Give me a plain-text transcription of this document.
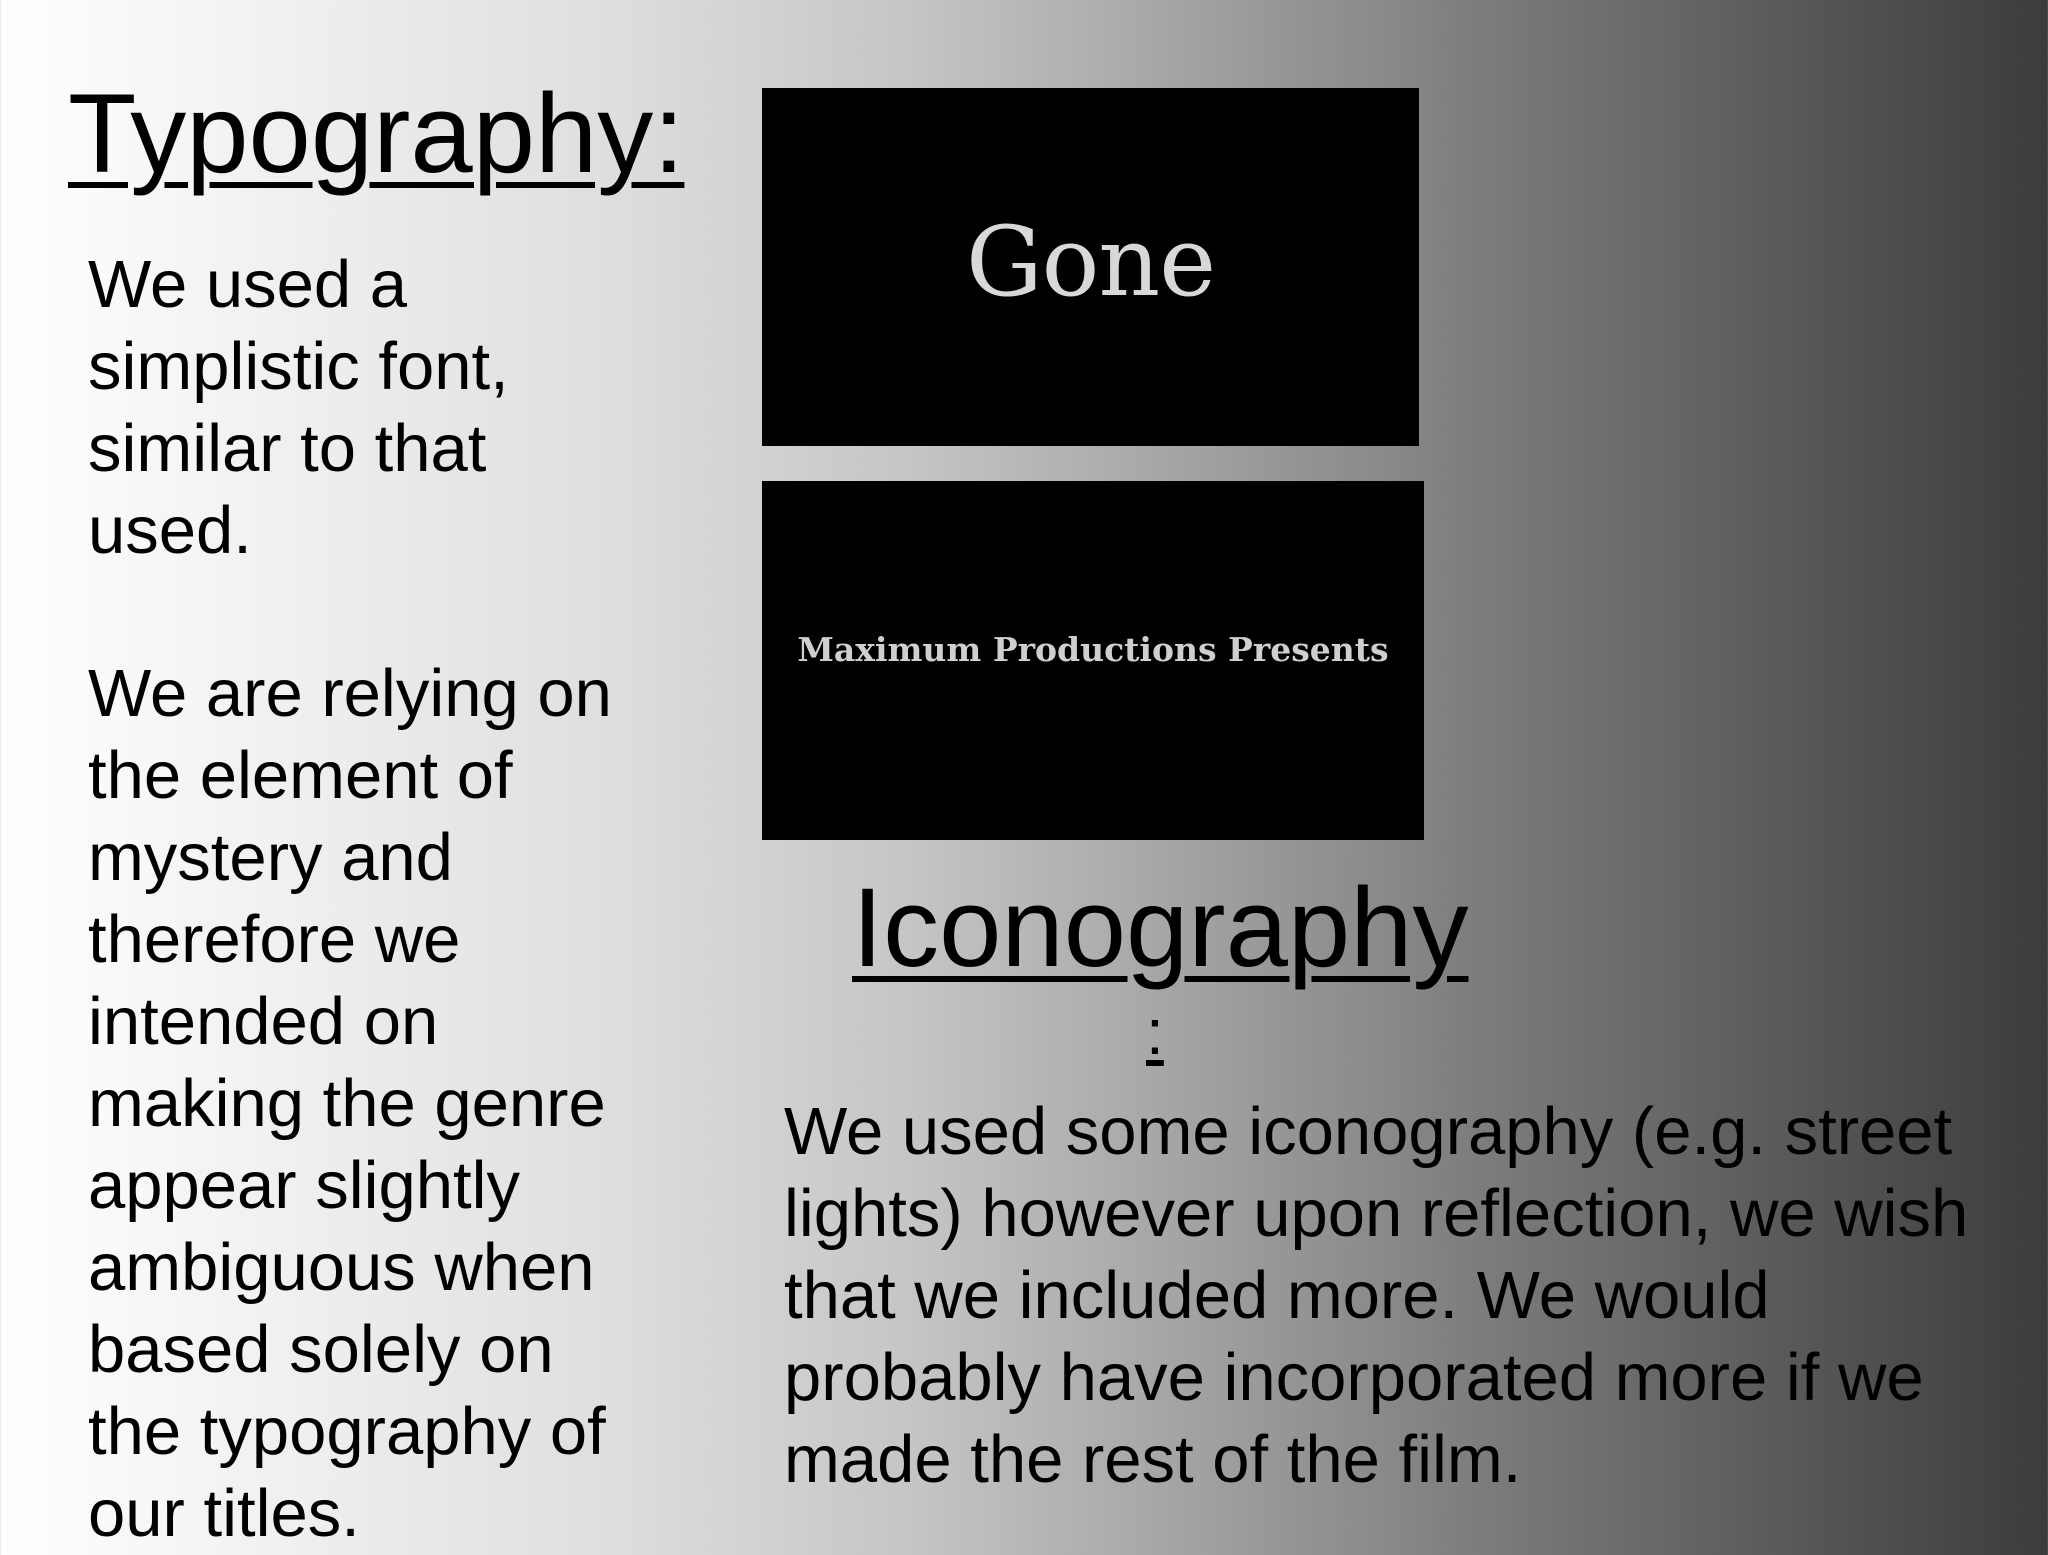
Typography:

We used a simplistic font, similar to that used.

We are relying on the element of mystery and therefore we intended on making the genre appear slightly ambiguous when based solely on the typography of our titles.

Gone
Maximum Productions Presents
Iconography
:

We used some iconography (e.g. street lights) however upon reflection, we wish that we included more. We would probably have incorporated more if we made the rest of the film.
